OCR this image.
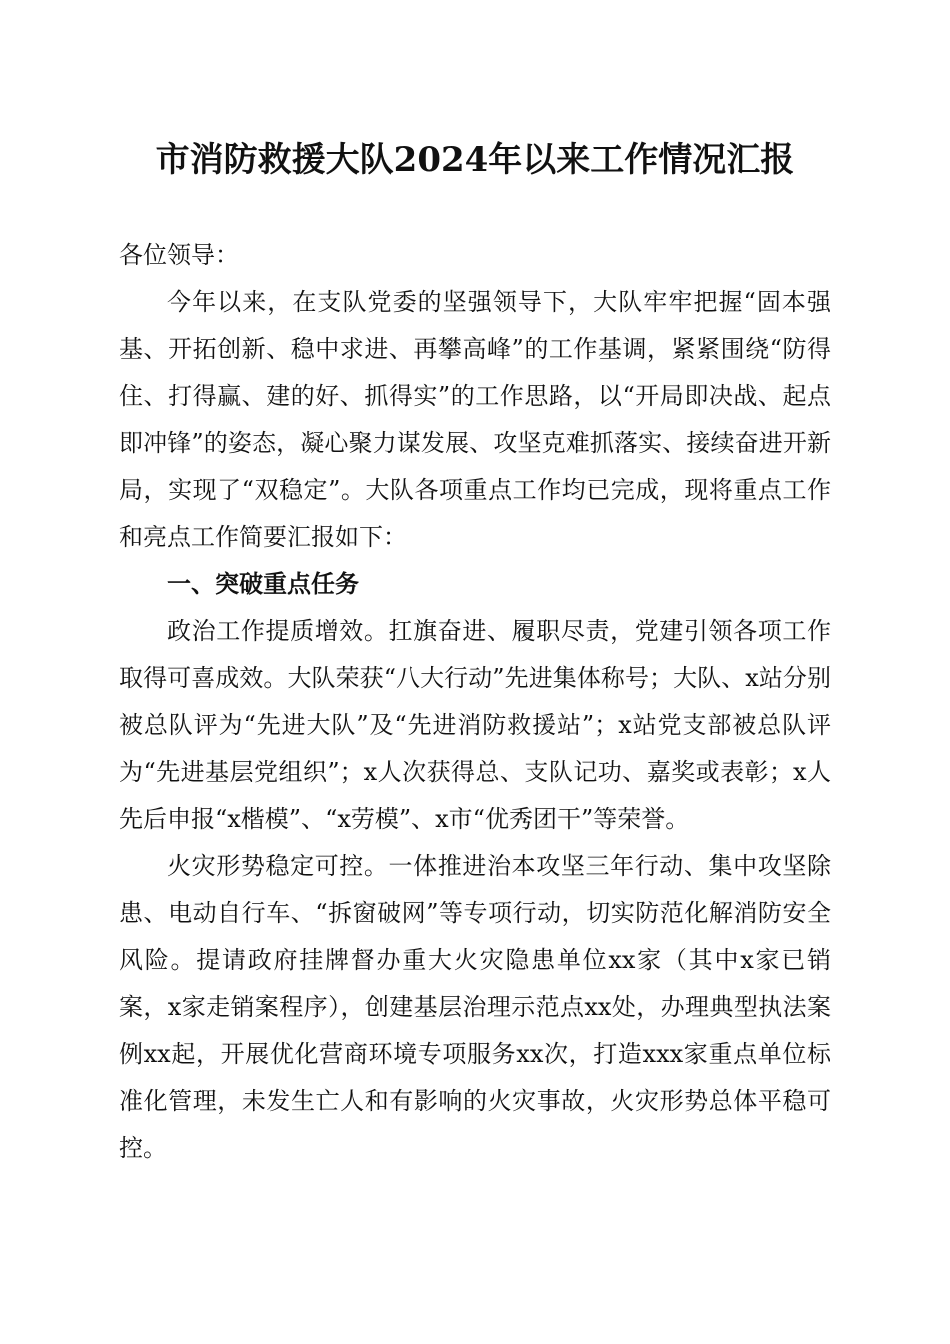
市消防救援大队2024年以来工作情况汇报

各位领导：

今年以来，在支队党委的坚强领导下，大队牢牢把握“固本强基、开拓创新、稳中求进、再攀高峰”的工作基调，紧紧围绕“防得住、打得赢、建的好、抓得实”的工作思路，以“开局即决战、起点即冲锋”的姿态，凝心聚力谋发展、攻坚克难抓落实、接续奋进开新局，实现了“双稳定”。大队各项重点工作均已完成，现将重点工作和亮点工作简要汇报如下：

一、突破重点任务

政治工作提质增效。扛旗奋进、履职尽责，党建引领各项工作取得可喜成效。大队荣获“八大行动”先进集体称号；大队、x站分别被总队评为“先进大队”及“先进消防救援站”；x站党支部被总队评为“先进基层党组织”；x人次获得总、支队记功、嘉奖或表彰；x人先后申报“x楷模”、“x劳模”、x市“优秀团干”等荣誉。

火灾形势稳定可控。一体推进治本攻坚三年行动、集中攻坚除患、电动自行车、“拆窗破网”等专项行动，切实防范化解消防安全风险。提请政府挂牌督办重大火灾隐患单位xx家（其中x家已销案，x家走销案程序），创建基层治理示范点xx处，办理典型执法案例xx起，开展优化营商环境专项服务xx次，打造xxx家重点单位标准化管理，未发生亡人和有影响的火灾事故，火灾形势总体平稳可控。
